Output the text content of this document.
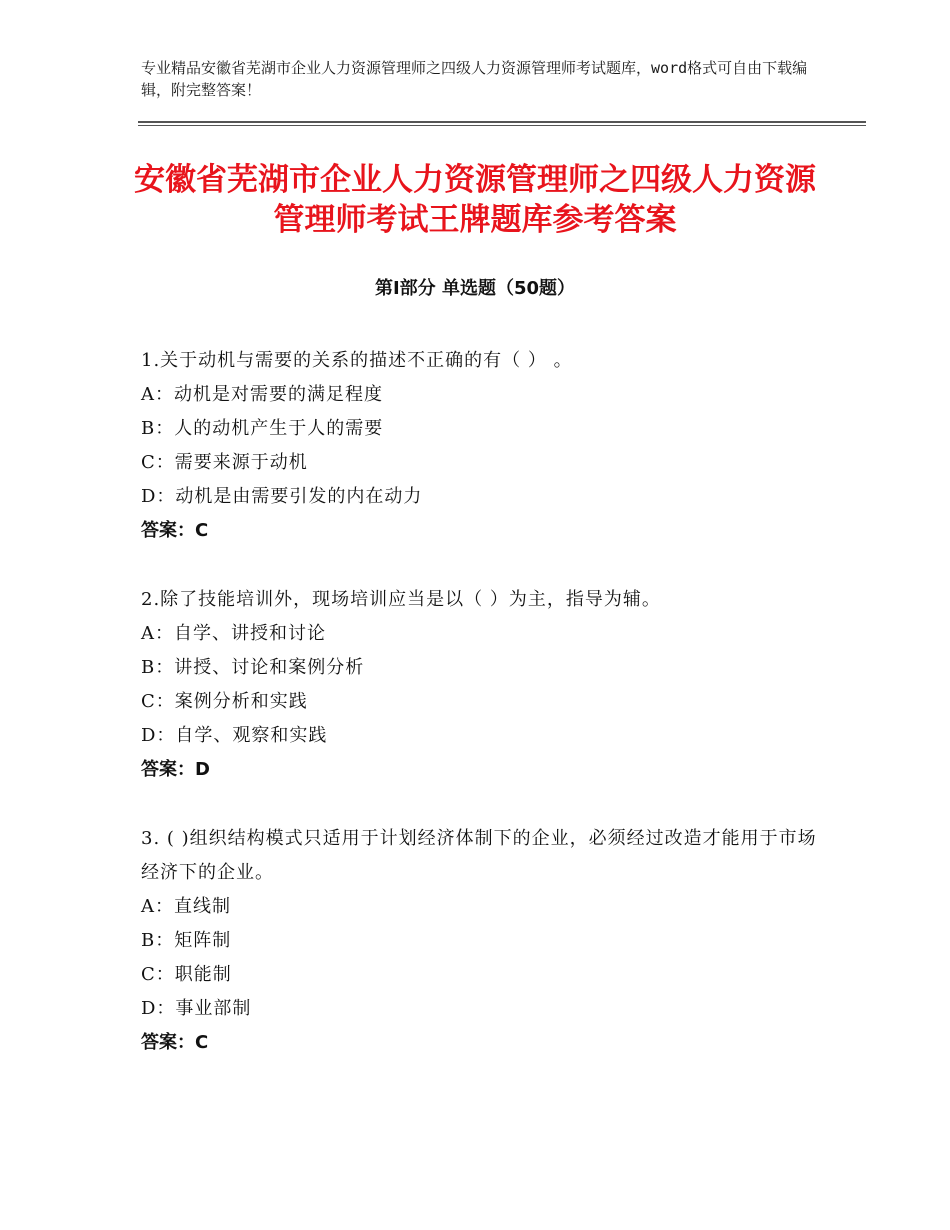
专业精品安徽省芜湖市企业人力资源管理师之四级人力资源管理师考试题库，word格式可自由下载编辑，附完整答案！
安徽省芜湖市企业人力资源管理师之四级人力资源管理师考试王牌题库参考答案
第Ⅰ部分 单选题（50题）
1.关于动机与需要的关系的描述不正确的有（ ） 。
A：动机是对需要的满足程度
B：人的动机产生于人的需要
C：需要来源于动机
D：动机是由需要引发的内在动力
答案：C
2.除了技能培训外，现场培训应当是以（ ）为主，指导为辅。
A：自学、讲授和讨论
B：讲授、讨论和案例分析
C：案例分析和实践
D：自学、观察和实践
答案：D
3. ( )组织结构模式只适用于计划经济体制下的企业，必须经过改造才能用于市场经济下的企业。
A：直线制
B：矩阵制
C：职能制
D：事业部制
答案：C
